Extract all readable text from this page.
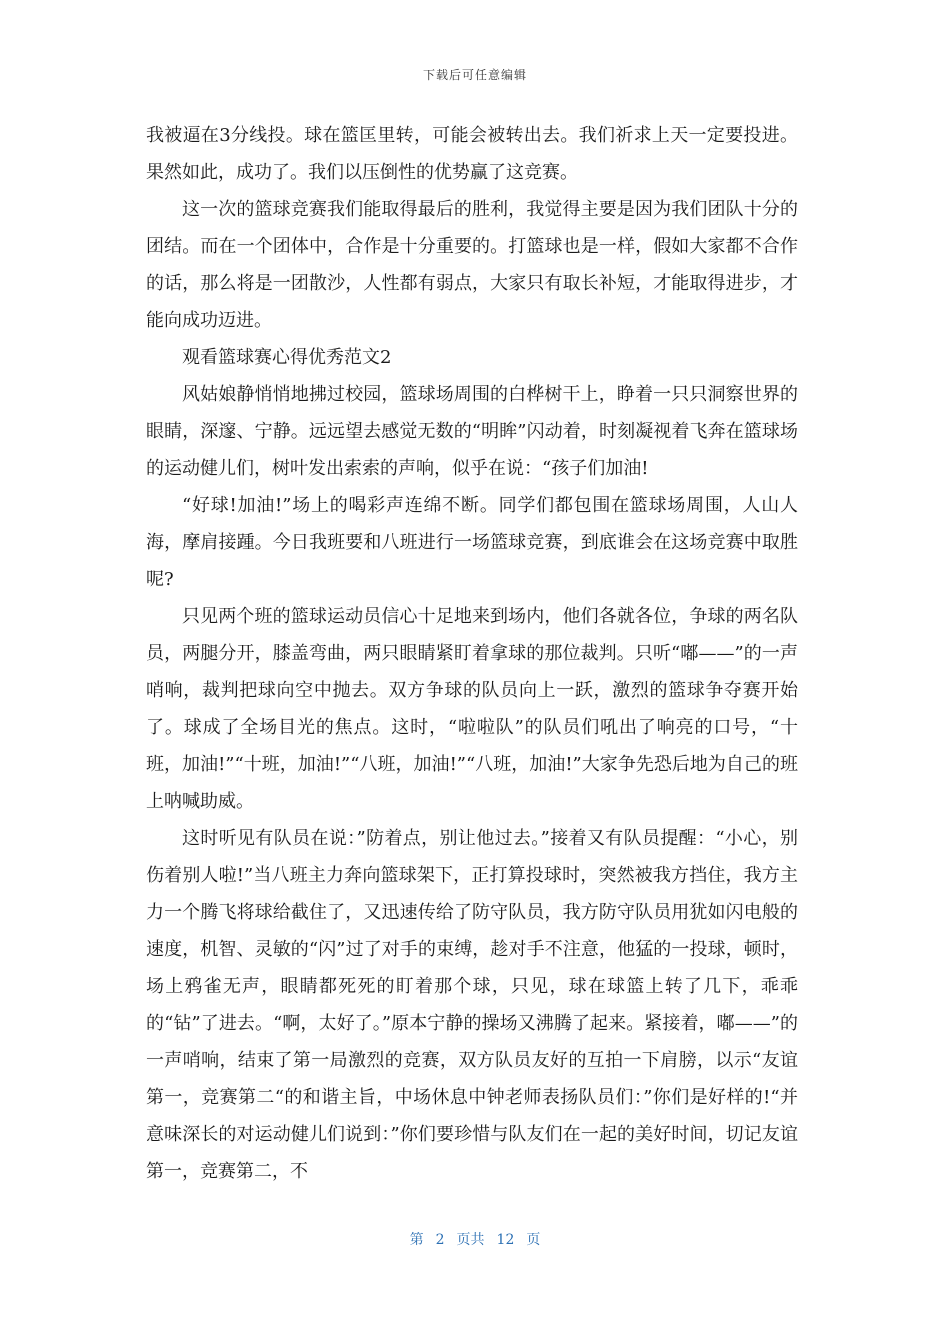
下载后可任意编辑

我被逼在3分线投。球在篮匡里转，可能会被转出去。我们祈求上天一定要投进。果然如此，成功了。我们以压倒性的优势赢了这竞赛。

这一次的篮球竞赛我们能取得最后的胜利，我觉得主要是因为我们团队十分的团结。而在一个团体中，合作是十分重要的。打篮球也是一样，假如大家都不合作的话，那么将是一团散沙，人性都有弱点，大家只有取长补短，才能取得进步，才能向成功迈进。

观看篮球赛心得优秀范文2

风姑娘静悄悄地拂过校园，篮球场周围的白桦树干上，睁着一只只洞察世界的眼睛，深邃、宁静。远远望去感觉无数的“明眸”闪动着，时刻凝视着飞奔在篮球场的运动健儿们，树叶发出索索的声响，似乎在说：“孩子们加油!

“好球!加油!”场上的喝彩声连绵不断。同学们都包围在篮球场周围，人山人海，摩肩接踵。今日我班要和八班进行一场篮球竞赛，到底谁会在这场竞赛中取胜呢?

只见两个班的篮球运动员信心十足地来到场内，他们各就各位，争球的两名队员，两腿分开，膝盖弯曲，两只眼睛紧盯着拿球的那位裁判。只听“嘟——”的一声哨响，裁判把球向空中抛去。双方争球的队员向上一跃，激烈的篮球争夺赛开始了。球成了全场目光的焦点。这时，“啦啦队”的队员们吼出了响亮的口号，“十班，加油!”“十班，加油!”“八班，加油!”“八班，加油!”大家争先恐后地为自己的班上呐喊助威。

这时听见有队员在说：”防着点，别让他过去。”接着又有队员提醒：“小心，别伤着别人啦!”当八班主力奔向篮球架下，正打算投球时，突然被我方挡住，我方主力一个腾飞将球给截住了，又迅速传给了防守队员，我方防守队员用犹如闪电般的速度，机智、灵敏的“闪”过了对手的束缚，趁对手不注意，他猛的一投球，顿时，场上鸦雀无声，眼睛都死死的盯着那个球，只见，球在球篮上转了几下，乖乖的“钻”了进去。“啊，太好了。”原本宁静的操场又沸腾了起来。紧接着，嘟——”的一声哨响，结束了第一局激烈的竞赛，双方队员友好的互拍一下肩膀，以示“友谊第一，竞赛第二“的和谐主旨，中场休息中钟老师表扬队员们：”你们是好样的!“并意味深长的对运动健儿们说到：”你们要珍惜与队友们在一起的美好时间，切记友谊第一，竞赛第二，不

第 2 页共 12 页
